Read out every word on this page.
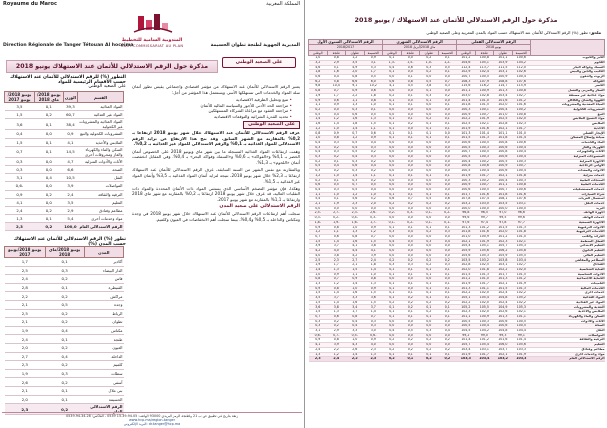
Royaume du Maroc	المملكة المغربية
المندوبية السامية للتخطيط
HAUT-COMMISSARIAT AU PLAN
Direction Régionale de Tanger Tétouan Al hoceima	المديرية الجهوية لطنجة تطوان الحسيمة
مذكرة حول الرقم الاستدلالي للأثمان عند الاستهلاك يونيو 2018
على الصعيد الوطني
التطور (%) للرقم الاستدلالي للأثمان عند الاستهلاك حسب الأقسام الرئيسية للمواد
على الصعيد الوطني
يونيو 2018/يونيو 2017	يونيو 2018/ماي 2018	الوزن	القسم
3,5	0,1	39,3	المواد الغذائية
1,5	0,2	60,7	المواد غير الغذائية
3,6	0,1	38,4	المواد الغذائية والمشروبات غير الكحولية
0,4	0,0	0,9	المشروبات الكحولية والتبغ
1,5	0,1	4,1	الملابس والأحذية
0,7	0,1	14,5	السكن والماء والكهرباء والغاز ومحروقات أخرى
0,3	0,0	4,7	الأثاث والأدوات المنزلية
0,3	0,0	6,6	الصحة
3,1	0,4	10,5	النقل
0,6-	0,0	3,9	المواصلات
0,9	0,2	2,4	الترفيه والثقافة
4,1	0,0	3,5	التعليم
2,4	0,2	2,9	مطاعم وفنادق
1,3	0,1	5,4	مواد وخدمات أخرى
2,3	0,2	100,0	الرقم الاستدلالي العام
تطور (%) الرقم الاستدلالي للأثمان عند الاستهلاك حسب المدن (%)
يونيو 2018/يونيو 2017	يونيو 2018/ماي 2018	المدن
1,7	0,1	أكادير
2,5	0,3	الدار البيضاء
2,4	0,2	فاس
2,8	0,1	القنيطرة
2,2	0,2	مراكش
2,1	0,5	وجدة
2,5	0,2	الرباط
2,1	0,2	تطوان
1,9	0,4	مكناس
2,4	0,1	طنجة
2,0	0,2	العيون
2,7	0,4	الداخلة
2,3	0,2	كلميم
1,9	0,3	سطات
2,6	0,2	آسفي
2,1	0,1	بني ملال
2,0	0,1	الحسيمة
2,3	0,2	الرقم الاستدلالي العام

يعتبر الرقم الاستدلالي للأثمان عند الاستهلاك من مؤشر اقتصادي واجتماعي يقيس تطور أثمان سلة المواد والخدمات التي تستهلكها الأسر، ويستعمل هذا المؤشر من أجل:

• تتبع وتحليل الظرفية الاقتصادية
• مراجعة الحد الأدنى للأجور والسياسة المالية للأثمان
• مراجعة العقود مع مراعاة الشركاء المستهلكين
• تحديد القدرة الشرائية والتوقعات الاقتصادية
على الصعيد الوطني

عرف الرقم الاستدلالي للأثمان عند الاستهلاك خلال شهر يونيو 2018 ارتفاعا بـ 0,2% بالمقارنة مع الشهر السابق. وقد نتج هذا الارتفاع عن تزايد الرقم الاستدلالي للمواد الغذائية بـ 0,1% والرقم الاستدلالي للمواد غير الغذائية بـ 0,2%.

وهمت ارتفاعات المواد الغذائية المسجلة ما بين شهر ماي ويونيو 2018 على الخصوص أثمان الخضر بـ 4,1% و«الفواكه» بـ 0,6% و«السمك وفواكه البحر» بـ 0,4%. وفي المقابل انخفضت أثمان «اللحوم» بـ 1,3%.

وبالمقارنة مع نفس الشهر من السنة السابقة، عرف الرقم الاستدلالي للأثمان عند الاستهلاك ارتفاعا بـ 2,3% خلال شهر يونيو 2018، نتيجة لتزايد أثمان المواد الغذائية بـ 3,5% وأثمان المواد غير الغذائية بـ 1,5%.

وهكذا، فإن مؤشر التضخم الأساسي الذي يستثني المواد ذات الأثمان المحددة والمواد ذات التقلبات العالية، قد عرف خلال شهر يونيو 2018 ارتفاعا بـ 0,2% بالمقارنة مع شهر ماي 2018 وارتفاعا بـ 1,1% بالمقارنة مع شهر يونيو 2017.

الرقم الاستدلالي على صعيد المدن

سجلت أهم ارتفاعات الرقم الاستدلالي للأثمان عند الاستهلاك خلال شهر يونيو 2018 في وجدة ومكناس والداخلة بـ 0,5% و0,4%، بينما سجلت أهم الانخفاضات في العيون وكلميم.

زنقة بتاريخ في تطبيق ص ب 21 ولطنجة الرمز البريدي 93000 الهاتف: 15.39.94.05 0539 - الفاكس: 0539.94.34.28
www.hcp.ma/region-tanger
البريد الإلكتروني: dr.tanger@hcp.ma
مذكرة حول الرقم الاستدلالي للأثمان عند الاستهلاك / يونيو 2018
ملحق: تطور (%) الرقم الاستدلالي للأثمان عند الاستهلاك حسب المواد بالمدن المغربية وعلى الصعيد الوطني
الرقم الاستدلالي السنوي الأول				الرقم الاستدلالي الشهري				الرقم الاستدلالي الفعلي				
2018/2017				ماي 2018/أبريل 2018				يونيو 2018				
الوطني	طنجة	تطوان	الحسيمة	الوطني	طنجة	تطوان	الحسيمة	الوطني	طنجة	تطوان	الحسيمة	
1,0	0,8	1,2	0,9	0,1	0,0	0,2	0,1	101,2	100,8	101,1	100,6	الخبز والحبوب
3,2	2,9	3,5	3,1	1,3-	1,5-	1,0-	1,2-	104,6	105,1	103,9	104,2	اللحوم
4,6	5,1	4,9	5,3	0,4	0,6	0,3	0,5	112,4	113,7	111,5	112,0	السمك وفواكه البحر
1,8	1,6	2,0	1,7	0,1	0,0	0,2	0,1	102,9	102,4	103,1	102,6	الحليب والجبن والبيض
0,6	0,4	0,8	0,5	0,0	0,1	0,0	0,0	100,7	100,5	100,9	100,4	الزيوت والدهون
6,2	5,8	6,6	6,0	0,6	0,8	0,5	0,7	108,3	107,9	108,8	107,6	الفواكه
9,8	10,4	9,1	10,2	4,1	4,5	3,8	4,3	115,6	116,2	114,7	115,9	الخضر
0,8	0,7	0,9	0,6	0,0	0,0	0,1	0,0	101,1	100,9	101,3	100,8	السكر والمربى والعسل
1,9	1,7	2,2	1,8	0,2	0,1	0,3	0,2	103,0	102,8	103,4	102,7	مواد غذائية غير مصنفة
0,9	0,6	1,1	0,8	0,1	0,0	0,1	0,0	101,4	101,0	101,6	101,2	القهوة والشاي والكاكاو
1,1	0,9	1,3	1,0	0,1	0,1	0,0	0,1	101,8	101,5	102,0	101,6	المياه المعدنية والمشروبات
0,2	0,0	0,3	0,1	0,0	0,0	0,0	0,0	100,3	100,1	100,4	100,2	المشروبات الكحولية
0,5	0,4	0,6	0,5	0,0	0,0	0,0	0,0	100,9	100,7	101,0	100,8	التبغ
1,4	1,2	1,6	1,3	0,1	0,1	0,2	0,1	102,2	101,9	102,5	102,0	مواد النسيج الملابس
1,6	1,4	1,8	1,5	0,1	0,2	0,1	0,1	102,5	102,1	102,8	102,3	الملابس
1,2	1,0	1,4	1,1	0,1	0,0	0,1	0,1	101,9	101,6	102,1	101,7	الأحذية
0,8	0,9	0,7	0,6	0,1	0,1	0,1	0,0	101,3	101,4	101,1	101,0	الإيجار الفعلي
1,0	0,8	1,2	0,9	0,1	0,1	0,1	0,1	101,5	101,3	101,8	101,4	صيانة وإصلاح المسكن
0,4	0,3	0,5	0,4	0,0	0,0	0,0	0,0	100,6	100,5	100,8	100,6	الماء والخدمات
0,3	0,2	0,4	0,3	0,0	0,0	0,0	0,0	100,5	100,3	100,6	100,4	الكهرباء والغاز
0,4	0,3	0,5	0,2	0,0	0,0	0,1	0,0	100,7	100,5	100,8	100,4	الأثاث والتجهيزات
0,3	0,2	0,4	0,3	0,0	0,0	0,0	0,0	100,5	100,3	100,6	100,4	المنسوجات المنزلية
0,2	0,1	0,3	0,2	0,0	0,0	0,0	0,0	100,4	100,2	100,5	100,3	الأجهزة المنزلية
0,5	0,4	0,6	0,4	0,0	0,0	0,0	0,0	100,8	100,6	100,9	100,7	الأواني الزجاجية
0,3	0,2	0,3	0,2	0,0	0,0	0,0	0,0	100,5	100,4	100,6	100,4	الأدوات والمعدات
1,2	1,0	1,4	1,1	0,1	0,1	0,1	0,1	101,9	101,7	102,1	101,8	خدمات منزلية
0,2	0,1	0,3	0,2	0,0	0,0	0,0	0,0	100,3	100,2	100,4	100,3	المنتجات الطبية
0,6	0,5	0,7	0,5	0,0	0,0	0,0	0,0	100,9	100,7	101,1	100,8	الخدمات الطبية
0,4	0,3	0,5	0,4	0,0	0,0	0,0	0,0	100,6	100,5	100,7	100,6	خدمات المستشفيات
1,1	1,0	1,2	1,0	0,1	0,1	0,1	0,1	101,7	101,6	101,8	101,6	شراء السيارات
5,4	5,1	5,6	5,2	0,6	0,7	0,5	0,6	107,8	107,4	108,1	107,6	استعمال العربات
2,1	1,9	2,3	2,0	0,2	0,2	0,2	0,2	103,2	103,0	103,5	103,1	خدمات النقل
0,0	0,0	0,0	0,0	0,0	0,0	0,0	0,0	100,0	100,0	100,0	100,0	البريد
2,5-	2,7-	2,3-	2,6-	0,2-	0,3-	0,1-	0,2-	96,8	96,5	97,0	96,6	أجهزة الهاتف
0,3-	0,2-	0,4-	0,3-	0,0	0,0	0,0	0,0	99,6	99,7	99,5	99,6	خدمات الهاتف
1,8-	1,9-	1,6-	1,7-	0,1-	0,2-	0,1-	0,1-	97,6	97,4	97,8	97,7	الأجهزة السمعية
0,9	0,8	1,0	0,9	0,1	0,1	0,1	0,1	101,3	101,2	101,5	101,3	الأدوات الترفيهية
1,2	1,1	1,3	1,2	0,3	0,4	0,2	0,3	101,8	101,6	102,0	101,8	الخدمات الترفيهية
0,7	0,6	0,8	0,7	0,0	0,0	0,0	0,0	101,0	100,9	101,2	101,0	الجرائد والكتب
1,5	1,4	1,6	1,5	0,4	0,5	0,3	0,4	102,1	101,9	102,3	102,1	العطل المنظمة
3,9	3,7	4,1	3,8	0,0	0,0	0,0	0,0	105,4	105,1	105,7	105,3	التعليم الابتدائي
4,2	4,0	4,4	4,1	0,0	0,0	0,0	0,0	105,9	105,6	106,2	105,8	التعليم الثانوي
4,0	3,8	4,2	3,9	0,0	0,0	0,0	0,0	105,6	105,3	105,9	105,5	التعليم العالي
2,5	2,3	2,7	2,4	0,2	0,2	0,2	0,2	103,5	103,2	103,8	103,4	المطاعم والمقاهي
1,9	1,7	2,1	1,8	0,3	0,3	0,2	0,3	102,8	102,5	103,1	102,7	الفنادق
1,4	1,3	1,5	1,4	0,1	0,1	0,1	0,1	102,0	101,8	102,2	102,0	العناية الشخصية
1,0	0,9	1,1	1,0	0,1	0,1	0,1	0,1	101,5	101,3	101,7	101,5	الأدوات الشخصية
0,8	0,7	0,9	0,8	0,0	0,0	0,0	0,0	101,2	101,0	101,3	101,2	الحماية الاجتماعية
1,3	1,2	1,4	1,3	0,1	0,1	0,1	0,1	101,9	101,7	102,1	101,9	التأمينات
0,9	0,8	1,0	0,9	0,1	0,0	0,1	0,1	101,3	101,1	101,5	101,3	الخدمات المالية
1,5	1,4	1,6	1,5	0,1	0,1	0,1	0,1	102,2	102,0	102,4	102,2	خدمات أخرى
3,5	3,7	3,3	3,6	0,1	0,2	0,1	0,1	105,1	105,4	104,8	105,2	المواد الغذائية
1,5	1,4	1,6	1,5	0,2	0,2	0,2	0,2	102,2	102,0	102,4	102,2	المواد غير الغذائية
3,6	3,8	3,4	3,7	0,1	0,2	0,1	0,1	105,2	105,5	104,9	105,3	التغذية والمشروبات
1,5	1,3	1,7	1,4	0,1	0,1	0,2	0,1	102,3	102,0	102,6	102,1	الملابس والأحذية
0,7	0,6	0,8	0,7	0,1	0,1	0,1	0,1	101,1	100,9	101,3	101,1	السكن والماء والكهرباء
0,3	0,2	0,4	0,3	0,0	0,0	0,0	0,0	100,5	100,3	100,6	100,5	الأثاث والأدوات
0,3	0,2	0,4	0,3	0,0	0,0	0,0	0,0	100,5	100,4	100,6	100,5	الصحة
3,1	2,9	3,3	3,0	0,4	0,5	0,3	0,4	104,5	104,2	104,8	104,4	النقل
0,6-	0,7-	0,5-	0,6-	0,0	0,0	0,0	0,0	99,2	99,0	99,3	99,1	المواصلات
0,9	0,8	1,0	0,9	0,2	0,2	0,2	0,2	101,4	101,2	101,6	101,4	الترفيه والثقافة
4,1	3,9	4,3	4,0	0,0	0,0	0,0	0,0	105,7	105,4	106,0	105,6	التعليم
2,4	2,2	2,6	2,3	0,2	0,2	0,2	0,2	103,4	103,1	103,7	103,3	مطاعم وفنادق
1,3	1,2	1,4	1,3	0,1	0,1	0,1	0,1	101,9	101,7	102,1	101,9	مواد وخدمات أخرى
2,3	2,4	2,2	2,3	0,2	0,1	0,2	0,2	103,3	103,4	103,2	103,3	الرقم الاستدلالي العام
